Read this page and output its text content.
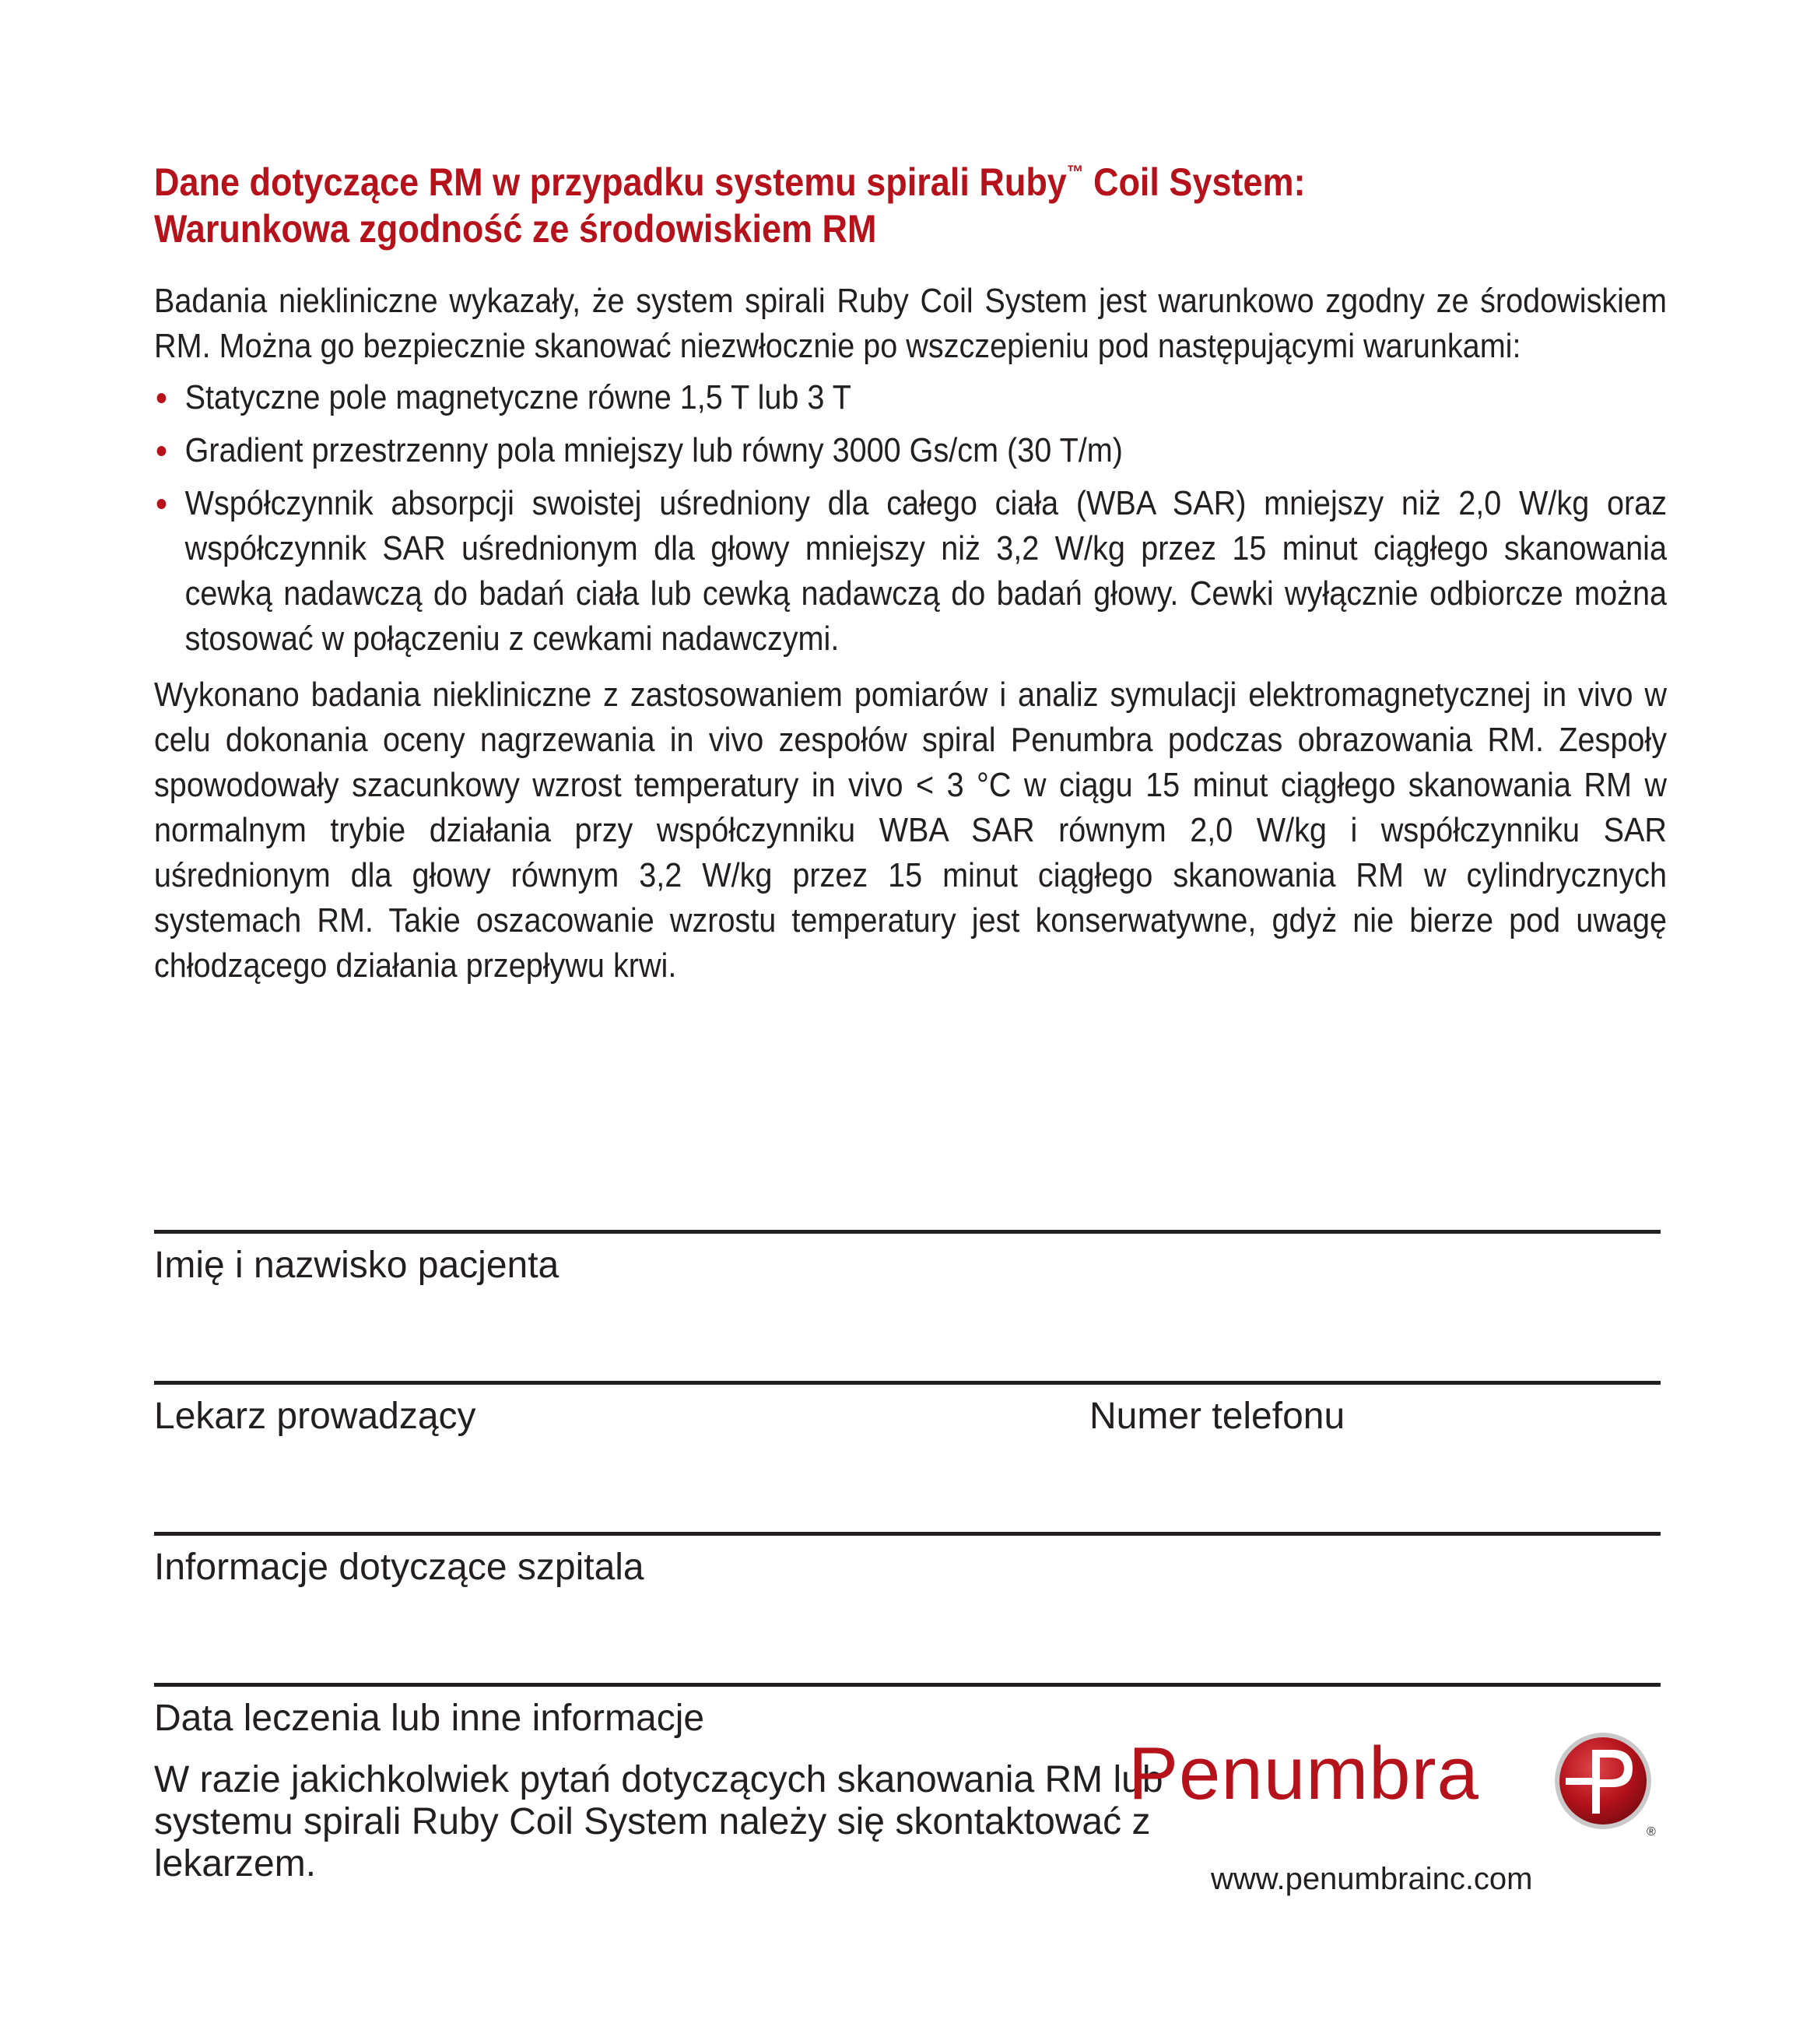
Dane dotyczące RM w przypadku systemu spirali Ruby™ Coil System:
Warunkowa zgodność ze środowiskiem RM

Badania niekliniczne wykazały, że system spirali Ruby Coil System jest warunkowo zgodny ze środowiskiem RM. Można go bezpiecznie skanować niezwłocznie po wszczepieniu pod następującymi warunkami:

Statyczne pole magnetyczne równe 1,5 T lub 3 T
Gradient przestrzenny pola mniejszy lub równy 3000 Gs/cm (30 T/m)
Współczynnik absorpcji swoistej uśredniony dla całego ciała (WBA SAR) mniejszy niż 2,0 W/kg oraz współczynnik SAR uśrednionym dla głowy mniejszy niż 3,2 W/kg przez 15 minut ciągłego skanowania cewką nadawczą do badań ciała lub cewką nadawczą do badań głowy. Cewki wyłącznie odbiorcze można stosować w połączeniu z cewkami nadawczymi.

Wykonano badania niekliniczne z zastosowaniem pomiarów i analiz symulacji elektromagnetycznej in vivo w celu dokonania oceny nagrzewania in vivo zespołów spiral Penumbra podczas obrazowania RM. Zespoły spowodowały szacunkowy wzrost temperatury in vivo < 3 °C w ciągu 15 minut ciągłego skanowania RM w normalnym trybie działania przy współczynniku WBA SAR równym 2,0 W/kg i współczynniku SAR uśrednionym dla głowy równym 3,2 W/kg przez 15 minut ciągłego skanowania RM w cylindrycznych systemach RM. Takie oszacowanie wzrostu temperatury jest konserwatywne, gdyż nie bierze pod uwagę chłodzącego działania przepływu krwi.

Imię i nazwisko pacjenta
Lekarz prowadzący	Numer telefonu
Informacje dotyczące szpitala
Data leczenia lub inne informacje

W razie jakichkolwiek pytań dotyczących skanowania RM lub systemu spirali Ruby Coil System należy się skontaktować z lekarzem.

Penumbra
®
www.penumbrainc.com
